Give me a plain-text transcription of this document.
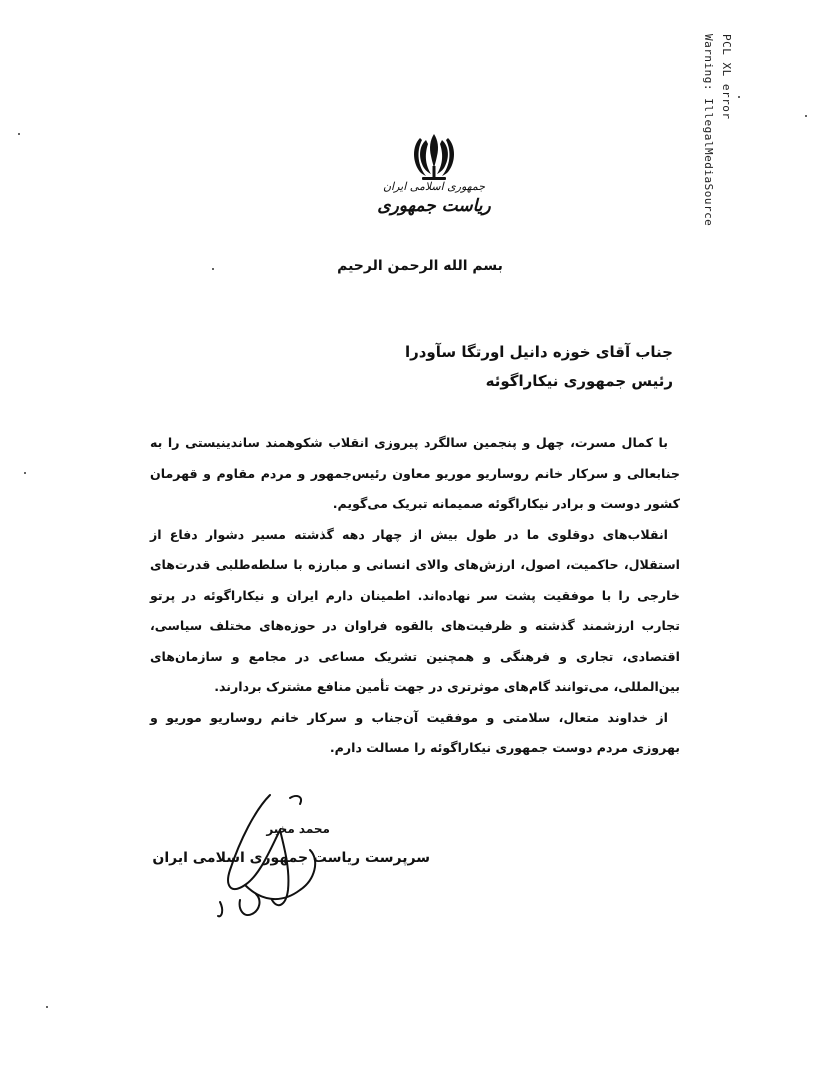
PCL XL error
Warning: IllegalMediaSource
جمهوری اسلامی ایران
ریاست جمهوری
بسم الله الرحمن الرحیم
جناب آقای خوزه دانیل اورتگا سآودرا
رئیس جمهوری نیکاراگوئه

با کمال مسرت، چهل و پنجمین سالگرد پیروزی انقلاب شکوهمند ساندینیستی را به جنابعالی و سرکار خانم روساریو موریو معاون رئیس‌جمهور و مردم مقاوم و قهرمان کشور دوست و برادر نیکاراگوئه صمیمانه تبریک می‌گویم.

انقلاب‌های دوقلوی ما در طول بیش از چهار دهه گذشته مسیر دشوار دفاع از استقلال، حاکمیت، اصول، ارزش‌های والای انسانی و مبارزه با سلطه‌طلبی قدرت‌های خارجی را با موفقیت پشت سر نهاده‌اند. اطمینان دارم ایران و نیکاراگوئه در پرتو تجارب ارزشمند گذشته و ظرفیت‌های بالقوه فراوان در حوزه‌های مختلف سیاسی، اقتصادی، تجاری و فرهنگی و همچنین تشریک مساعی در مجامع و سازمان‌های بین‌المللی، می‌توانند گام‌های موثرتری در جهت تأمین منافع مشترک بردارند.

از خداوند متعال، سلامتی و موفقیت آن‌جناب و سرکار خانم روساریو موریو و بهروزی مردم دوست جمهوری نیکاراگوئه را مسالت دارم.

محمد مخبر
سرپرست ریاست جمهوری اسلامی ایران
